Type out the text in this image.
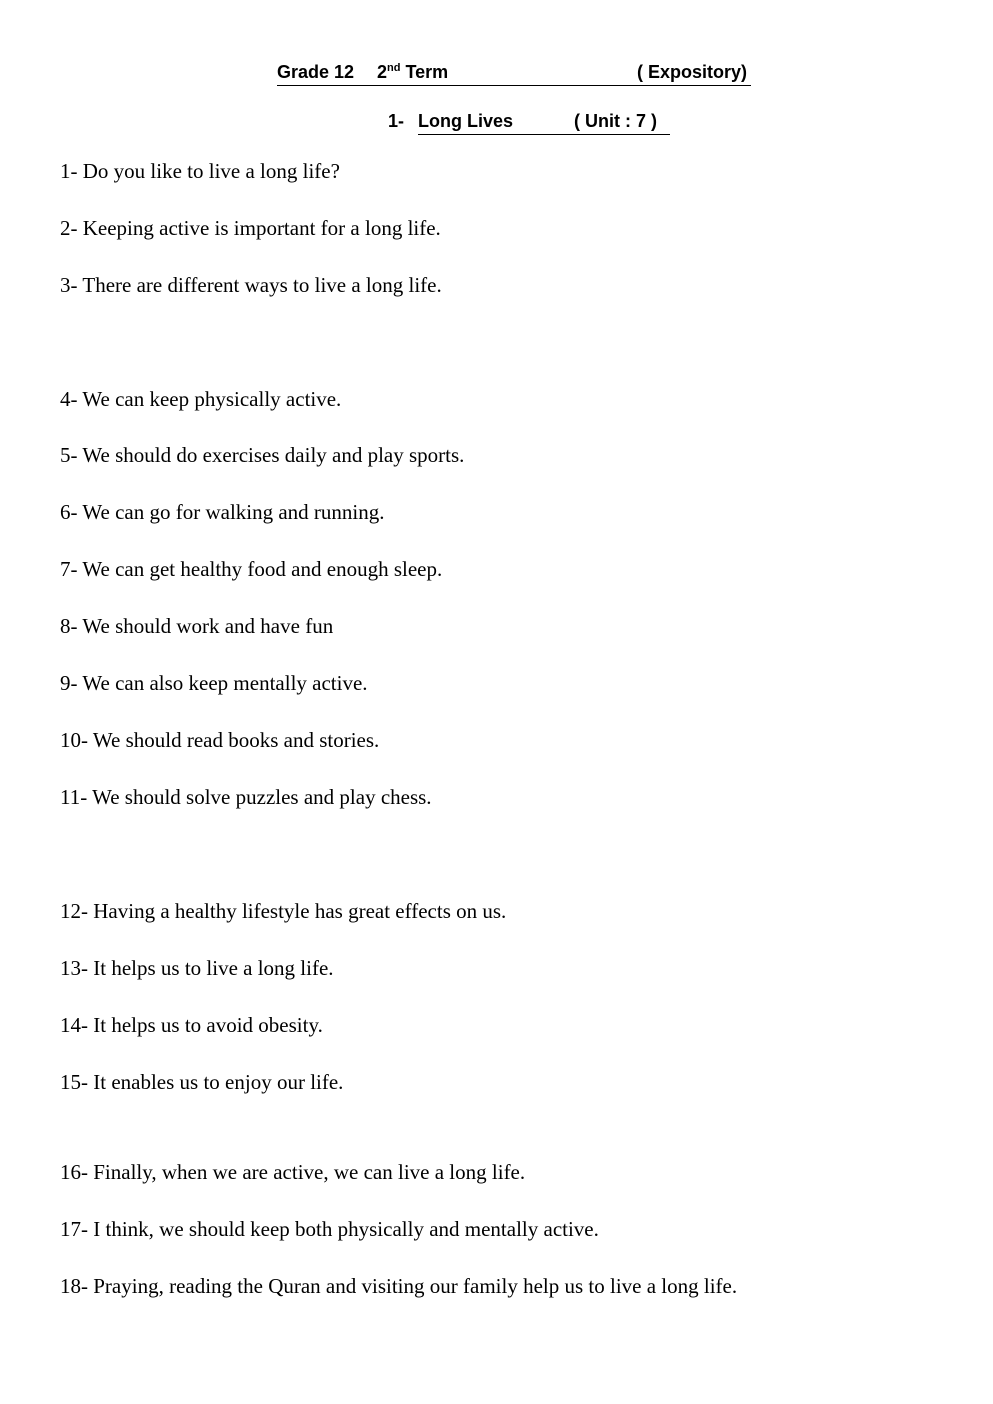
Grade 12 2nd Term	( Expository)
1- Long Lives	( Unit : 7 )
1- Do you like to live a long life?
2- Keeping active is important for a long life.
3- There are different ways to live a long life.
4- We can keep physically active.
5- We should do exercises daily and play sports.
6- We can go for walking and running.
7- We can get healthy food and enough sleep.
8- We should work and have fun
9- We can also keep mentally active.
10- We should read books and stories.
11- We should solve puzzles and play chess.
12- Having a healthy lifestyle has great effects on us.
13- It helps us to live a long life.
14- It helps us to avoid obesity.
15- It enables us to enjoy our life.
16- Finally, when we are active, we can live a long life.
17- I think, we should keep both physically and mentally active.
18- Praying, reading the Quran and visiting our family help us to live a long life.
